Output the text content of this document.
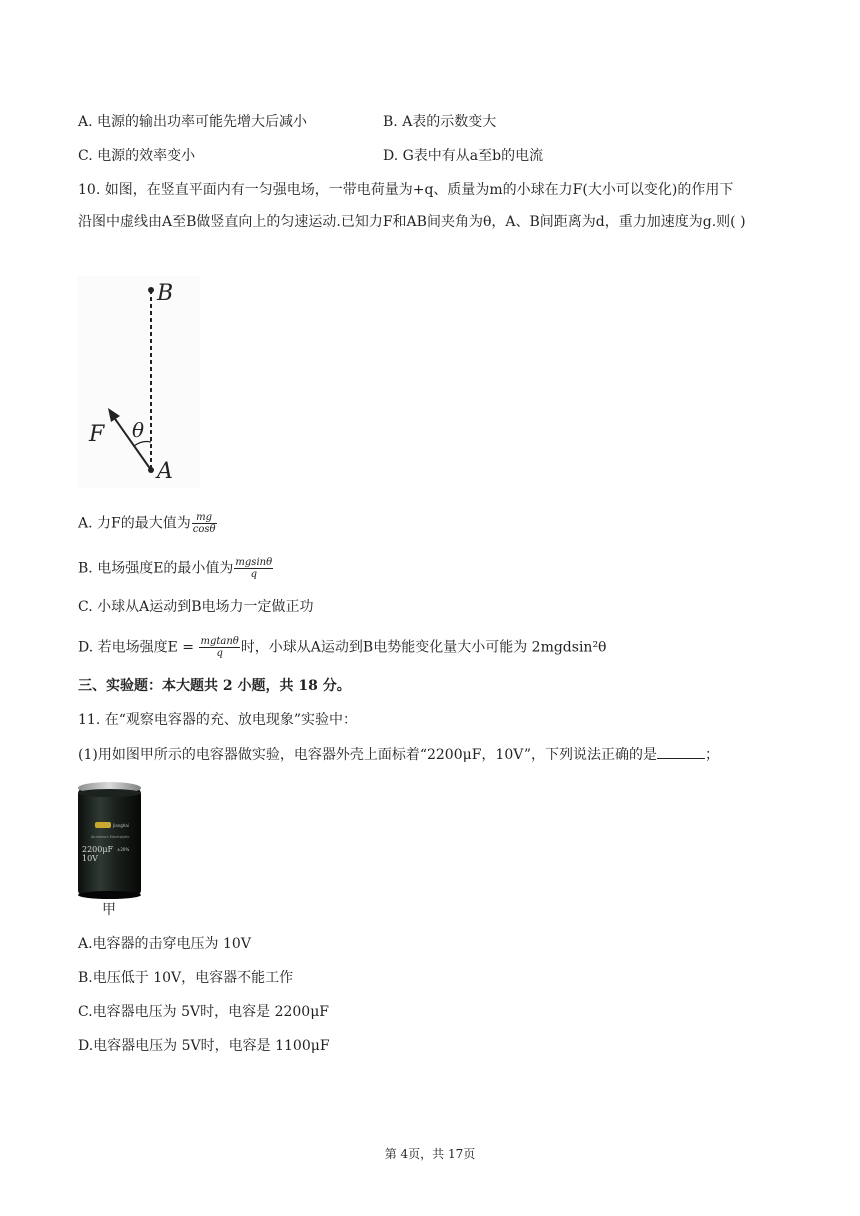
A. 电源的输出功率可能先增大后减小	B. A表的示数变大
C. 电源的效率变小	D. G表中有从a至b的电流
10. 如图，在竖直平面内有一匀强电场，一带电荷量为+q、质量为m的小球在力F(大小可以变化)的作用下
沿图中虚线由A至B做竖直向上的匀速运动.已知力F和AB间夹角为θ，A、B间距离为d，重力加速度为g.则( )
B
A
F θ
A. 力F的最大值为 $\frac{mg}{\cos\theta}$
B. 电场强度E的最小值为 $\frac{mgsin\theta}{q}$
C. 小球从A运动到B电场力一定做正功
D. 若电场强度$E = \frac{mgtan\theta}{q}$ 时，小球从A运动到B电势能变化量大小可能为 2mgdsin²θ
三、实验题：本大题共 2 小题，共 18 分。
11. 在“观察电容器的充、放电现象”实验中：
(1)用如图甲所示的电容器做实验，电容器外壳上面标着“2200μF，10V”，下列说法正确的是	；
Jianghai
Aluminum Electrolytic
2200μF ±20%
10V
甲
A.电容器的击穿电压为 10V
B.电压低于 10V，电容器不能工作
C.电容器电压为 5V时，电容是 2200μF
D.电容器电压为 5V时，电容是 1100μF
第 4页，共 17页
